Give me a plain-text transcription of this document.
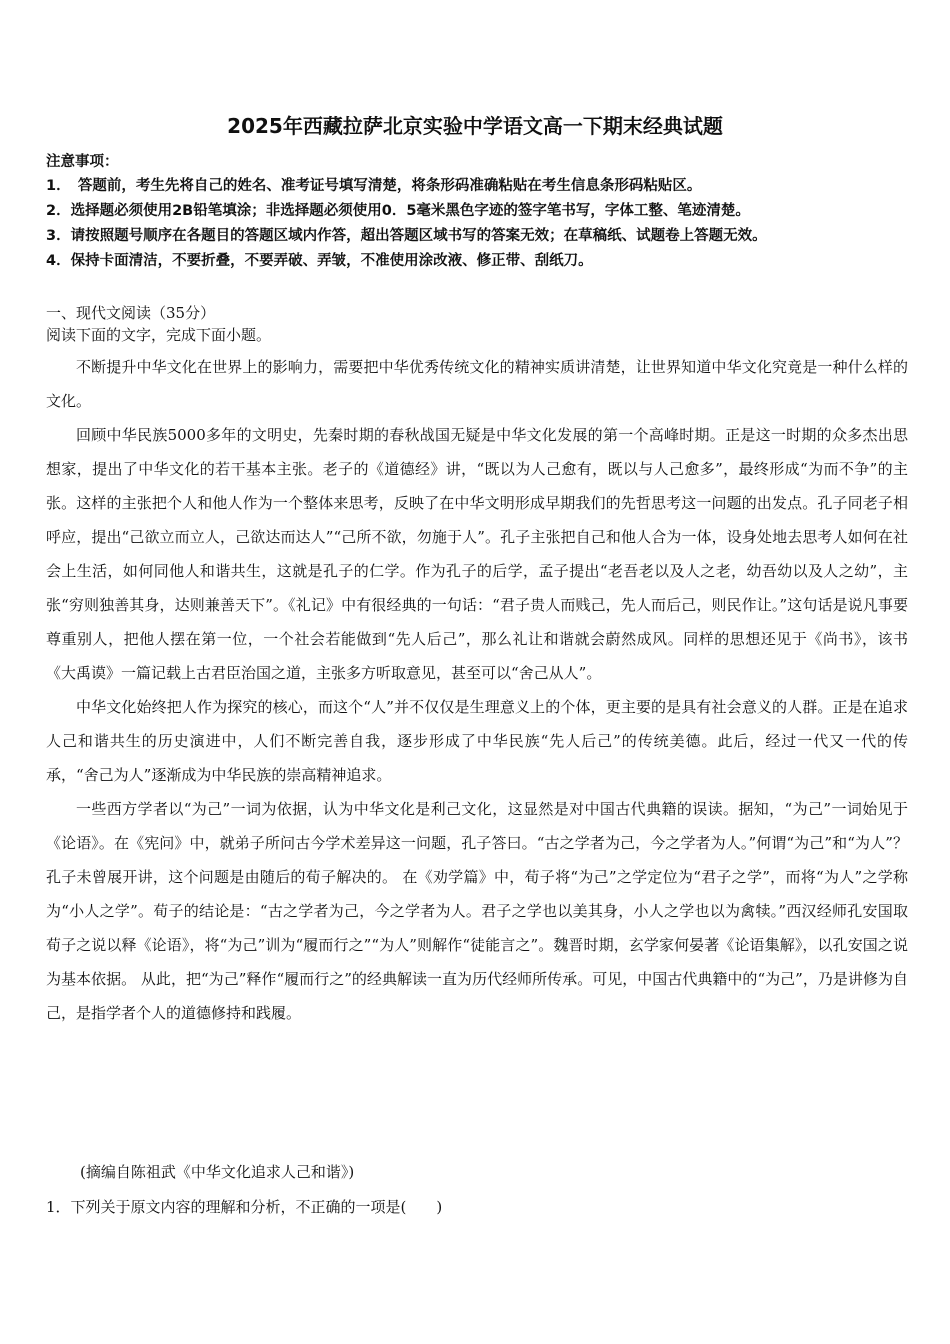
2025年西藏拉萨北京实验中学语文高一下期末经典试题
注意事项：
1．　答题前，考生先将自己的姓名、准考证号填写清楚，将条形码准确粘贴在考生信息条形码粘贴区。
2．选择题必须使用2B铅笔填涂；非选择题必须使用0．5毫米黑色字迹的签字笔书写，字体工整、笔迹清楚。
3．请按照题号顺序在各题目的答题区域内作答，超出答题区域书写的答案无效；在草稿纸、试题卷上答题无效。
4．保持卡面清洁，不要折叠，不要弄破、弄皱，不准使用涂改液、修正带、刮纸刀。
一、现代文阅读（35分）
阅读下面的文字，完成下面小题。

不断提升中华文化在世界上的影响力，需要把中华优秀传统文化的精神实质讲清楚，让世界知道中华文化究竟是一种什么样的文化。

回顾中华民族5000多年的文明史，先秦时期的春秋战国无疑是中华文化发展的第一个高峰时期。正是这一时期的众多杰出思想家，提出了中华文化的若干基本主张。老子的《道德经》讲，“既以为人己愈有，既以与人己愈多”，最终形成“为而不争”的主张。这样的主张把个人和他人作为一个整体来思考，反映了在中华文明形成早期我们的先哲思考这一问题的出发点。孔子同老子相呼应，提出“己欲立而立人，己欲达而达人”“己所不欲，勿施于人”。孔子主张把自己和他人合为一体，设身处地去思考人如何在社会上生活，如何同他人和谐共生，这就是孔子的仁学。作为孔子的后学，孟子提出“老吾老以及人之老，幼吾幼以及人之幼”，主张“穷则独善其身，达则兼善天下”。《礼记》中有很经典的一句话：“君子贵人而贱己，先人而后己，则民作让。”这句话是说凡事要尊重别人，把他人摆在第一位，一个社会若能做到“先人后己”，那么礼让和谐就会蔚然成风。同样的思想还见于《尚书》，该书《大禹谟》一篇记载上古君臣治国之道，主张多方听取意见，甚至可以“舍己从人”。

中华文化始终把人作为探究的核心，而这个“人”并不仅仅是生理意义上的个体，更主要的是具有社会意义的人群。正是在追求人己和谐共生的历史演进中，人们不断完善自我，逐步形成了中华民族“先人后己”的传统美德。此后，经过一代又一代的传承，“舍己为人”逐渐成为中华民族的崇高精神追求。

一些西方学者以“为己”一词为依据，认为中华文化是利己文化，这显然是对中国古代典籍的误读。据知，“为己”一词始见于《论语》。在《宪问》中，就弟子所问古今学术差异这一问题，孔子答曰。“古之学者为己，今之学者为人。”何谓“为己”和“为人”？孔子未曾展开讲，这个问题是由随后的荀子解决的。 在《劝学篇》中，荀子将“为己”之学定位为“君子之学”，而将“为人”之学称为“小人之学”。荀子的结论是：“古之学者为己，今之学者为人。君子之学也以美其身，小人之学也以为禽犊。”西汉经师孔安国取荀子之说以释《论语》，将“为己”训为“履而行之”“为人”则解作“徒能言之”。魏晋时期，玄学家何晏著《论语集解》，以孔安国之说为基本依据。 从此，把“为己”释作“履而行之”的经典解读一直为历代经师所传承。可见，中国古代典籍中的“为己”，乃是讲修为自己，是指学者个人的道德修持和践履。

(摘编自陈祖武《中华文化追求人己和谐》)
1．下列关于原文内容的理解和分析，不正确的一项是(　　)
